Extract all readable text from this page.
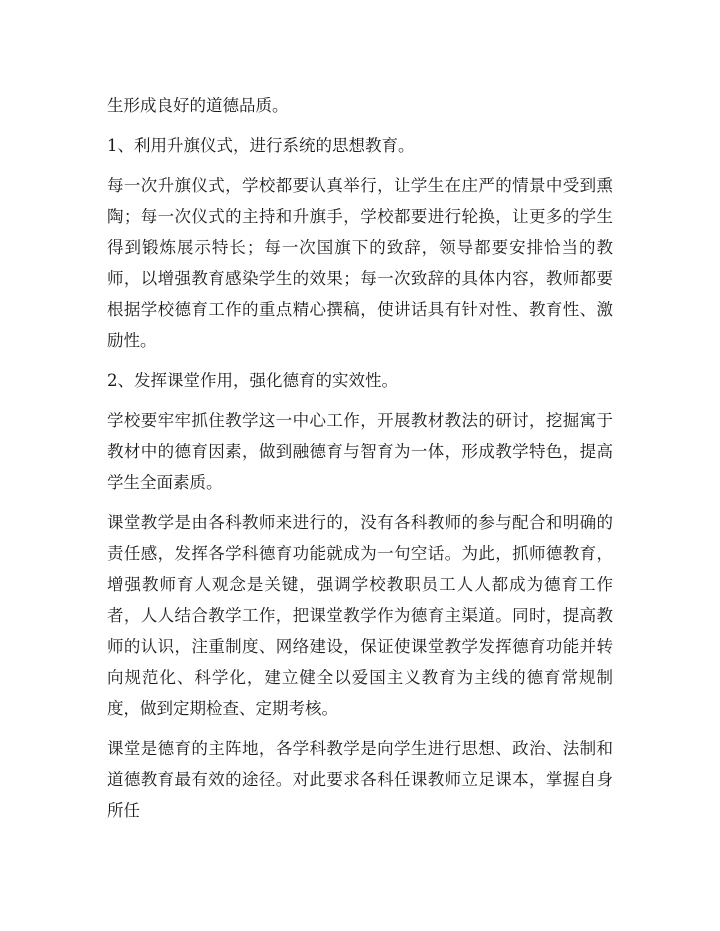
生形成良好的道德品质。

1、利用升旗仪式，进行系统的思想教育。

每一次升旗仪式，学校都要认真举行，让学生在庄严的情景中受到熏陶；每一次仪式的主持和升旗手，学校都要进行轮换，让更多的学生得到锻炼展示特长；每一次国旗下的致辞，领导都要安排恰当的教师，以增强教育感染学生的效果；每一次致辞的具体内容，教师都要根据学校德育工作的重点精心撰稿，使讲话具有针对性、教育性、激励性。

2、发挥课堂作用，强化德育的实效性。

学校要牢牢抓住教学这一中心工作，开展教材教法的研讨，挖掘寓于教材中的德育因素，做到融德育与智育为一体，形成教学特色，提高学生全面素质。

课堂教学是由各科教师来进行的，没有各科教师的参与配合和明确的责任感，发挥各学科德育功能就成为一句空话。为此，抓师德教育，增强教师育人观念是关键，强调学校教职员工人人都成为德育工作者，人人结合教学工作，把课堂教学作为德育主渠道。同时，提高教师的认识，注重制度、网络建设，保证使课堂教学发挥德育功能并转向规范化、科学化，建立健全以爱国主义教育为主线的德育常规制度，做到定期检查、定期考核。

课堂是德育的主阵地，各学科教学是向学生进行思想、政治、法制和道德教育最有效的途径。对此要求各科任课教师立足课本，掌握自身所任
